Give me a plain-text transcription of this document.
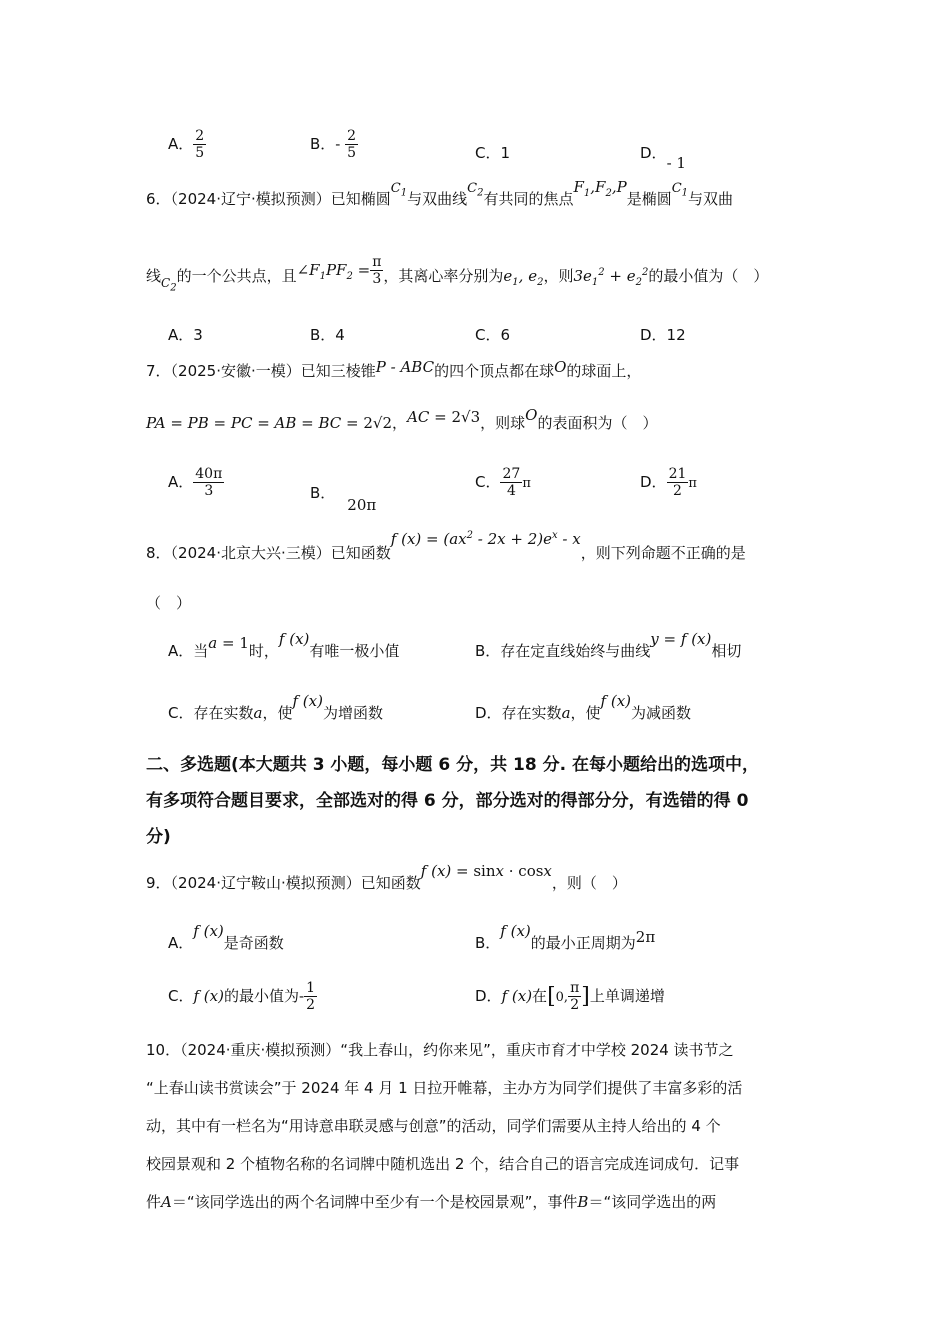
A． $\frac{2}{5}$	B．- $\frac{2}{5}$	C．1	D．- 1
6．（2024·辽宁·模拟预测）已知椭圆$C_1$与双曲线$C_2$有共同的焦点$F_1,F_2,P$是椭圆$C_1$与双曲
线$_{C_2}$的一个公共点，且$\angle F_1PF_2 = \frac{\pi}{3}$ ，其离心率分别为$e_1$, $e_2$，则$3e_1^2 + e_2^2$的最小值为（　）
A．3	B．4	C．6	D．12
7．（2025·安徽·一模）已知三棱锥P - ABC的四个顶点都在球O的球面上，
PA = PB = PC = AB = BC = 2√2，AC = 2√3，则球O的表面积为（　）
A． $\frac{40\pi}{3}$	B．20π
C． $\frac{27}{4}$ π	D． $\frac{21}{2}$ π
8．（2024·北京大兴·三模）已知函数f $(x) = (ax^2 - 2x + 2)e^x - x$，则下列命题不正确的是
（　）
A．当a = 1时，f (x)有唯一极小值	B．存在定直线始终与曲线y = f (x)相切
C．存在实数a，使f (x)为增函数	D．存在实数a，使f (x)为减函数
二、多选题(本大题共 3 小题，每小题 6 分，共 18 分. 在每小题给出的选项中，
有多项符合题目要求，全部选对的得 6 分，部分选对的得部分分，有选错的得 0
分)
9．（2024·辽宁鞍山·模拟预测）已知函数f (x) = sinx · cosx，则（　）
A．f (x)是奇函数	B．f (x)的最小正周期为2π
C．f (x)的最小值为- $\frac{1}{2}$	D．f (x)在[0, $\frac{\pi}{2}$ ]上单调递增
10．（2024·重庆·模拟预测）“我上春山，约你来见”，重庆市育才中学校 2024 读书节之
“上春山读书赏读会”于 2024 年 4 月 1 日拉开帷幕，主办方为同学们提供了丰富多彩的活
动，其中有一栏名为“用诗意串联灵感与创意”的活动，同学们需要从主持人给出的 4 个
校园景观和 2 个植物名称的名词牌中随机选出 2 个，结合自己的语言完成连词成句．记事
件A＝“该同学选出的两个名词牌中至少有一个是校园景观”，事件B＝“该同学选出的两
